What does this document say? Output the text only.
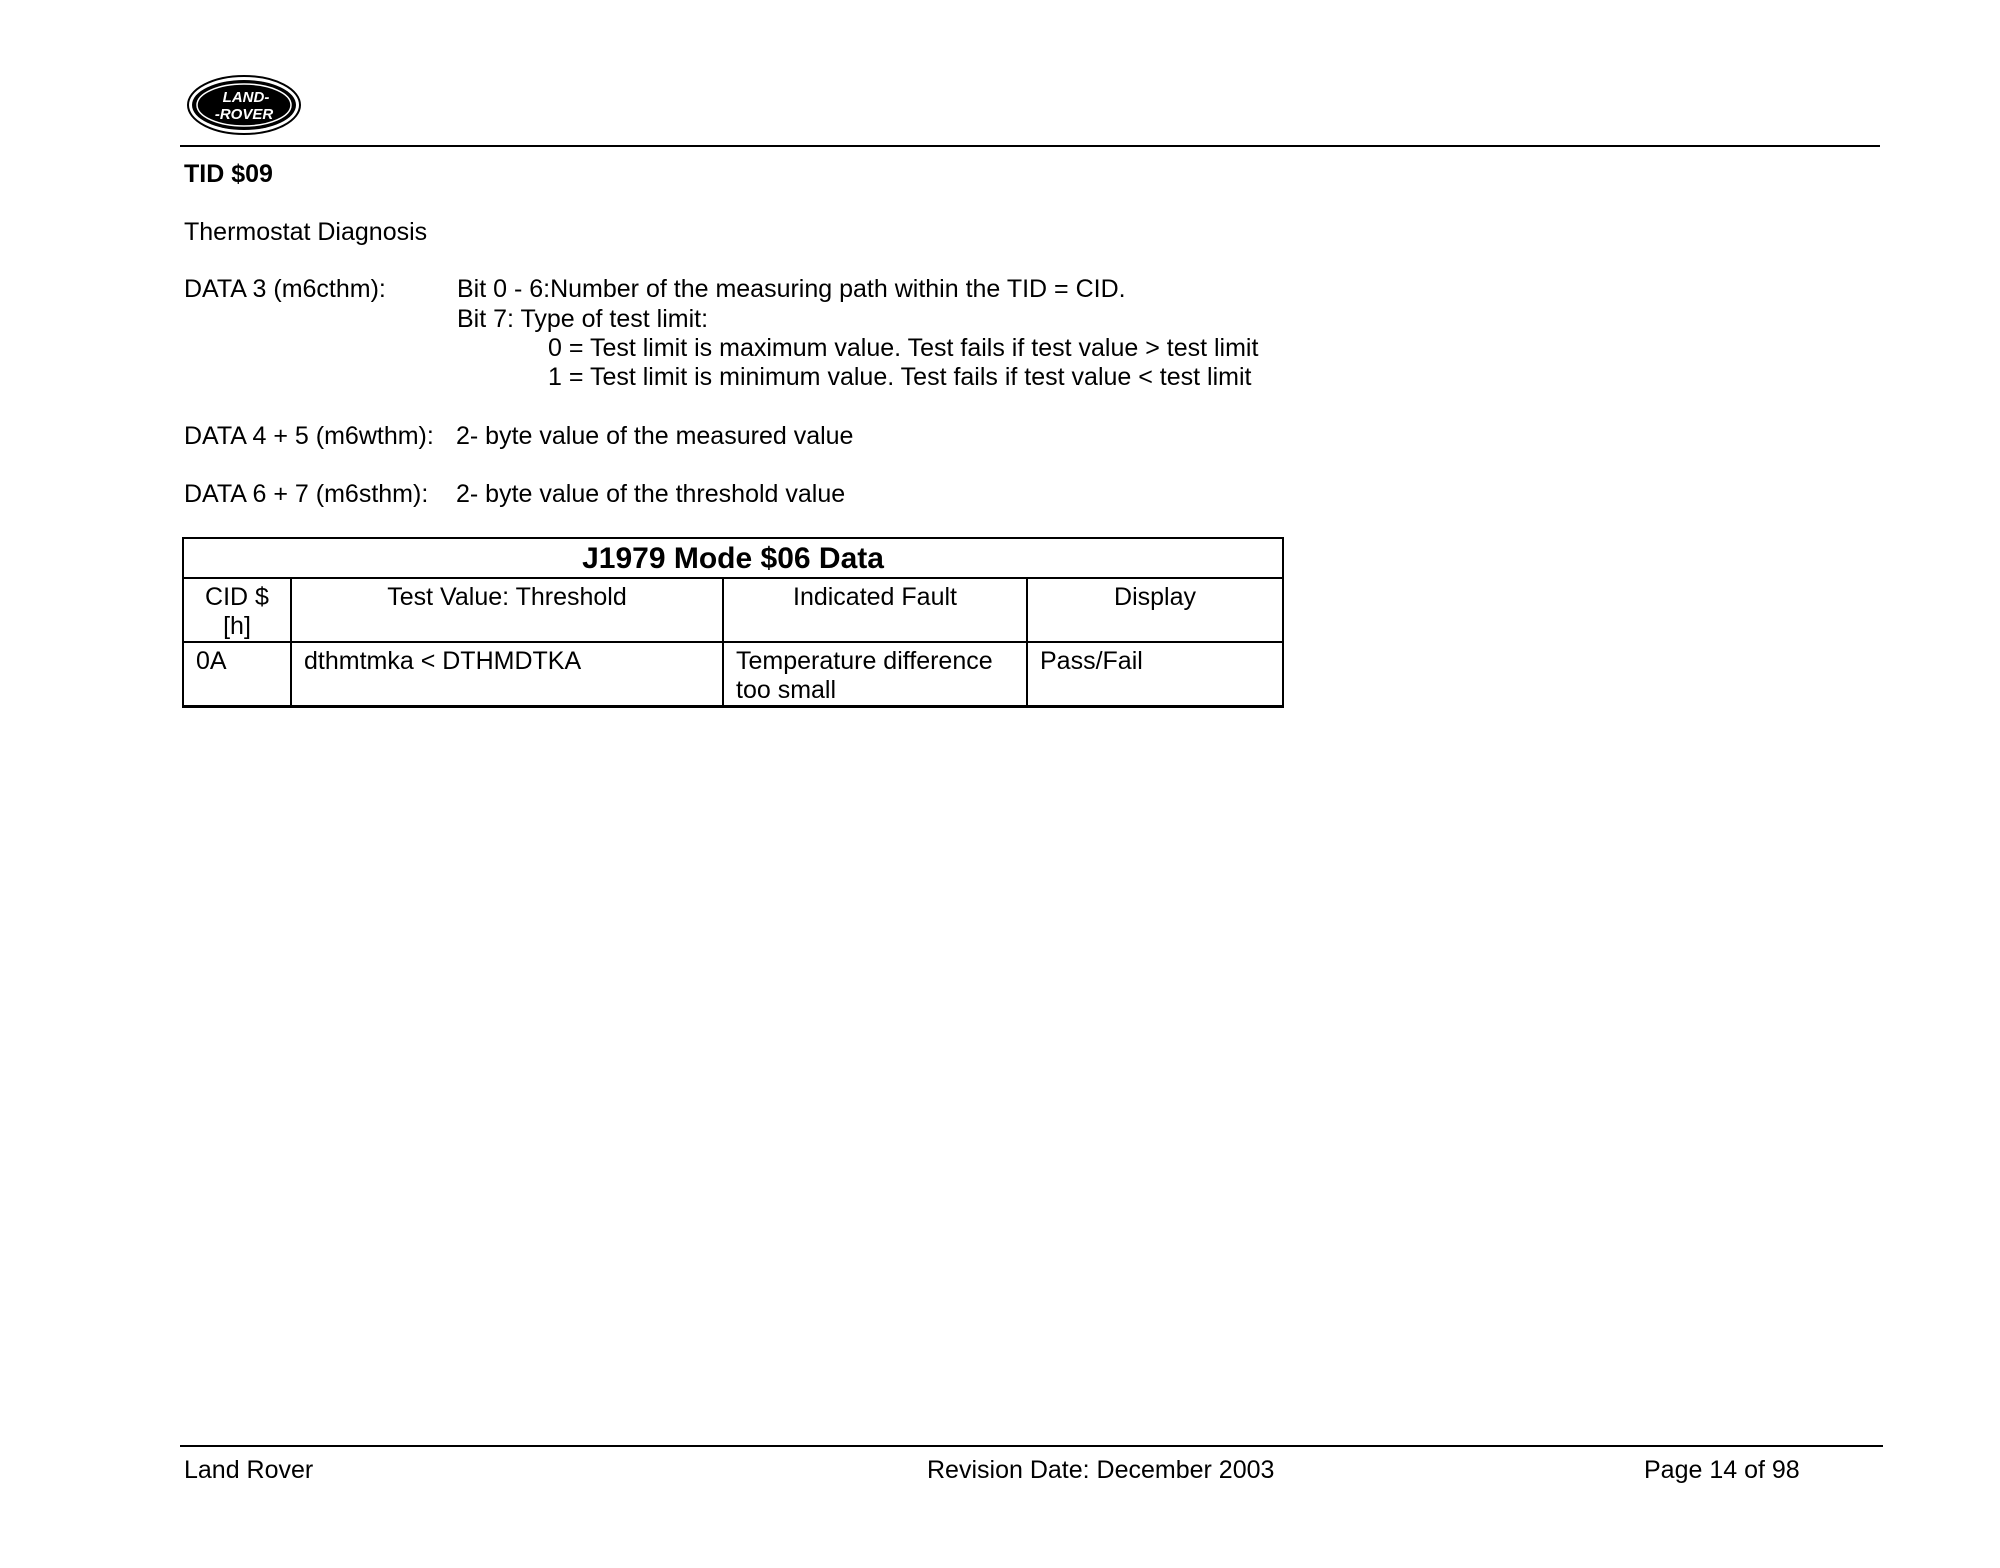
LAND-
-ROVER
TID $09
Thermostat Diagnosis
DATA 3 (m6cthm):	Bit 0 - 6:Number of the measuring path within the TID = CID.
Bit 7: Type of test limit:
0 = Test limit is maximum value. Test fails if test value > test limit
1 = Test limit is minimum value. Test fails if test value < test limit
DATA 4 + 5 (m6wthm): 2- byte value of the measured value
DATA 6 + 7 (m6sthm): 2- byte value of the threshold value
J1979 Mode $06 Data			
CID $ [h]	Test Value: Threshold	Indicated Fault	Display
0A	dthmtmka < DTHMDTKA	Temperature difference too small	Pass/Fail
Land Rover	Revision Date: December 2003	Page 14 of 98
